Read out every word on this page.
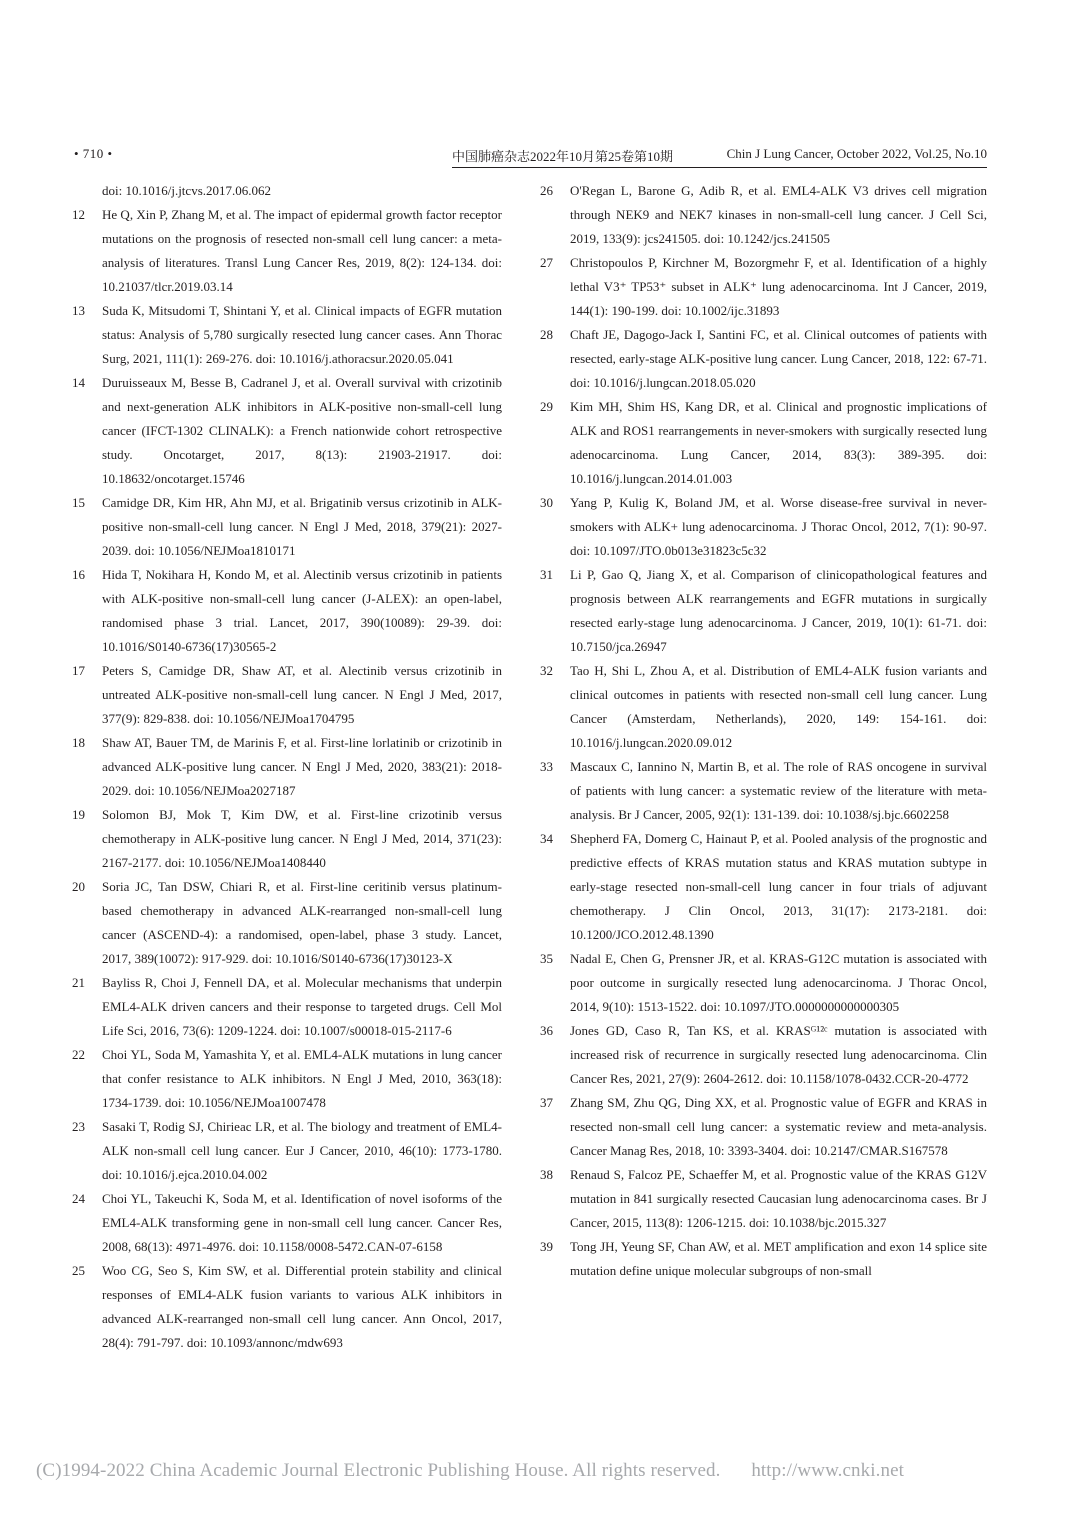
• 710 •	中国肺癌杂志2022年10月第25卷第10期	Chin J Lung Cancer, October 2022, Vol.25, No.10
doi: 10.1016/j.jtcvs.2017.06.062
12	He Q, Xin P, Zhang M, et al. The impact of epidermal growth factor receptor mutations on the prognosis of resected non-small cell lung cancer: a meta-analysis of literatures. Transl Lung Cancer Res, 2019, 8(2): 124-134. doi: 10.21037/tlcr.2019.03.14
13	Suda K, Mitsudomi T, Shintani Y, et al. Clinical impacts of EGFR mutation status: Analysis of 5,780 surgically resected lung cancer cases. Ann Thorac Surg, 2021, 111(1): 269-276. doi: 10.1016/j.athoracsur.2020.05.041
14	Duruisseaux M, Besse B, Cadranel J, et al. Overall survival with crizotinib and next-generation ALK inhibitors in ALK-positive non-small-cell lung cancer (IFCT-1302 CLINALK): a French nationwide cohort retrospective study. Oncotarget, 2017, 8(13): 21903-21917. doi: 10.18632/oncotarget.15746
15	Camidge DR, Kim HR, Ahn MJ, et al. Brigatinib versus crizotinib in ALK-positive non-small-cell lung cancer. N Engl J Med, 2018, 379(21): 2027-2039. doi: 10.1056/NEJMoa1810171
16	Hida T, Nokihara H, Kondo M, et al. Alectinib versus crizotinib in patients with ALK-positive non-small-cell lung cancer (J-ALEX): an open-label, randomised phase 3 trial. Lancet, 2017, 390(10089): 29-39. doi: 10.1016/S0140-6736(17)30565-2
17	Peters S, Camidge DR, Shaw AT, et al. Alectinib versus crizotinib in untreated ALK-positive non-small-cell lung cancer. N Engl J Med, 2017, 377(9): 829-838. doi: 10.1056/NEJMoa1704795
18	Shaw AT, Bauer TM, de Marinis F, et al. First-line lorlatinib or crizotinib in advanced ALK-positive lung cancer. N Engl J Med, 2020, 383(21): 2018-2029. doi: 10.1056/NEJMoa2027187
19	Solomon BJ, Mok T, Kim DW, et al. First-line crizotinib versus chemotherapy in ALK-positive lung cancer. N Engl J Med, 2014, 371(23): 2167-2177. doi: 10.1056/NEJMoa1408440
20	Soria JC, Tan DSW, Chiari R, et al. First-line ceritinib versus platinum-based chemotherapy in advanced ALK-rearranged non-small-cell lung cancer (ASCEND-4): a randomised, open-label, phase 3 study. Lancet, 2017, 389(10072): 917-929. doi: 10.1016/S0140-6736(17)30123-X
21	Bayliss R, Choi J, Fennell DA, et al. Molecular mechanisms that underpin EML4-ALK driven cancers and their response to targeted drugs. Cell Mol Life Sci, 2016, 73(6): 1209-1224. doi: 10.1007/s00018-015-2117-6
22	Choi YL, Soda M, Yamashita Y, et al. EML4-ALK mutations in lung cancer that confer resistance to ALK inhibitors. N Engl J Med, 2010, 363(18): 1734-1739. doi: 10.1056/NEJMoa1007478
23	Sasaki T, Rodig SJ, Chirieac LR, et al. The biology and treatment of EML4-ALK non-small cell lung cancer. Eur J Cancer, 2010, 46(10): 1773-1780. doi: 10.1016/j.ejca.2010.04.002
24	Choi YL, Takeuchi K, Soda M, et al. Identification of novel isoforms of the EML4-ALK transforming gene in non-small cell lung cancer. Cancer Res, 2008, 68(13): 4971-4976. doi: 10.1158/0008-5472.CAN-07-6158
25	Woo CG, Seo S, Kim SW, et al. Differential protein stability and clinical responses of EML4-ALK fusion variants to various ALK inhibitors in advanced ALK-rearranged non-small cell lung cancer. Ann Oncol, 2017, 28(4): 791-797. doi: 10.1093/annonc/mdw693
26	O'Regan L, Barone G, Adib R, et al. EML4-ALK V3 drives cell migration through NEK9 and NEK7 kinases in non-small-cell lung cancer. J Cell Sci, 2019, 133(9): jcs241505. doi: 10.1242/jcs.241505
27	Christopoulos P, Kirchner M, Bozorgmehr F, et al. Identification of a highly lethal V3⁺ TP53⁺ subset in ALK⁺ lung adenocarcinoma. Int J Cancer, 2019, 144(1): 190-199. doi: 10.1002/ijc.31893
28	Chaft JE, Dagogo-Jack I, Santini FC, et al. Clinical outcomes of patients with resected, early-stage ALK-positive lung cancer. Lung Cancer, 2018, 122: 67-71. doi: 10.1016/j.lungcan.2018.05.020
29	Kim MH, Shim HS, Kang DR, et al. Clinical and prognostic implications of ALK and ROS1 rearrangements in never-smokers with surgically resected lung adenocarcinoma. Lung Cancer, 2014, 83(3): 389-395. doi: 10.1016/j.lungcan.2014.01.003
30	Yang P, Kulig K, Boland JM, et al. Worse disease-free survival in never-smokers with ALK+ lung adenocarcinoma. J Thorac Oncol, 2012, 7(1): 90-97. doi: 10.1097/JTO.0b013e31823c5c32
31	Li P, Gao Q, Jiang X, et al. Comparison of clinicopathological features and prognosis between ALK rearrangements and EGFR mutations in surgically resected early-stage lung adenocarcinoma. J Cancer, 2019, 10(1): 61-71. doi: 10.7150/jca.26947
32	Tao H, Shi L, Zhou A, et al. Distribution of EML4-ALK fusion variants and clinical outcomes in patients with resected non-small cell lung cancer. Lung Cancer (Amsterdam, Netherlands), 2020, 149: 154-161. doi: 10.1016/j.lungcan.2020.09.012
33	Mascaux C, Iannino N, Martin B, et al. The role of RAS oncogene in survival of patients with lung cancer: a systematic review of the literature with meta-analysis. Br J Cancer, 2005, 92(1): 131-139. doi: 10.1038/sj.bjc.6602258
34	Shepherd FA, Domerg C, Hainaut P, et al. Pooled analysis of the prognostic and predictive effects of KRAS mutation status and KRAS mutation subtype in early-stage resected non-small-cell lung cancer in four trials of adjuvant chemotherapy. J Clin Oncol, 2013, 31(17): 2173-2181. doi: 10.1200/JCO.2012.48.1390
35	Nadal E, Chen G, Prensner JR, et al. KRAS-G12C mutation is associated with poor outcome in surgically resected lung adenocarcinoma. J Thorac Oncol, 2014, 9(10): 1513-1522. doi: 10.1097/JTO.0000000000000305
36	Jones GD, Caso R, Tan KS, et al. KRASᴳ¹²ᶜ mutation is associated with increased risk of recurrence in surgically resected lung adenocarcinoma. Clin Cancer Res, 2021, 27(9): 2604-2612. doi: 10.1158/1078-0432.CCR-20-4772
37	Zhang SM, Zhu QG, Ding XX, et al. Prognostic value of EGFR and KRAS in resected non-small cell lung cancer: a systematic review and meta-analysis. Cancer Manag Res, 2018, 10: 3393-3404. doi: 10.2147/CMAR.S167578
38	Renaud S, Falcoz PE, Schaeffer M, et al. Prognostic value of the KRAS G12V mutation in 841 surgically resected Caucasian lung adenocarcinoma cases. Br J Cancer, 2015, 113(8): 1206-1215. doi: 10.1038/bjc.2015.327
39	Tong JH, Yeung SF, Chan AW, et al. MET amplification and exon 14 splice site mutation define unique molecular subgroups of non-small
(C)1994-2022 China Academic Journal Electronic Publishing House. All rights reserved. http://www.cnki.net
